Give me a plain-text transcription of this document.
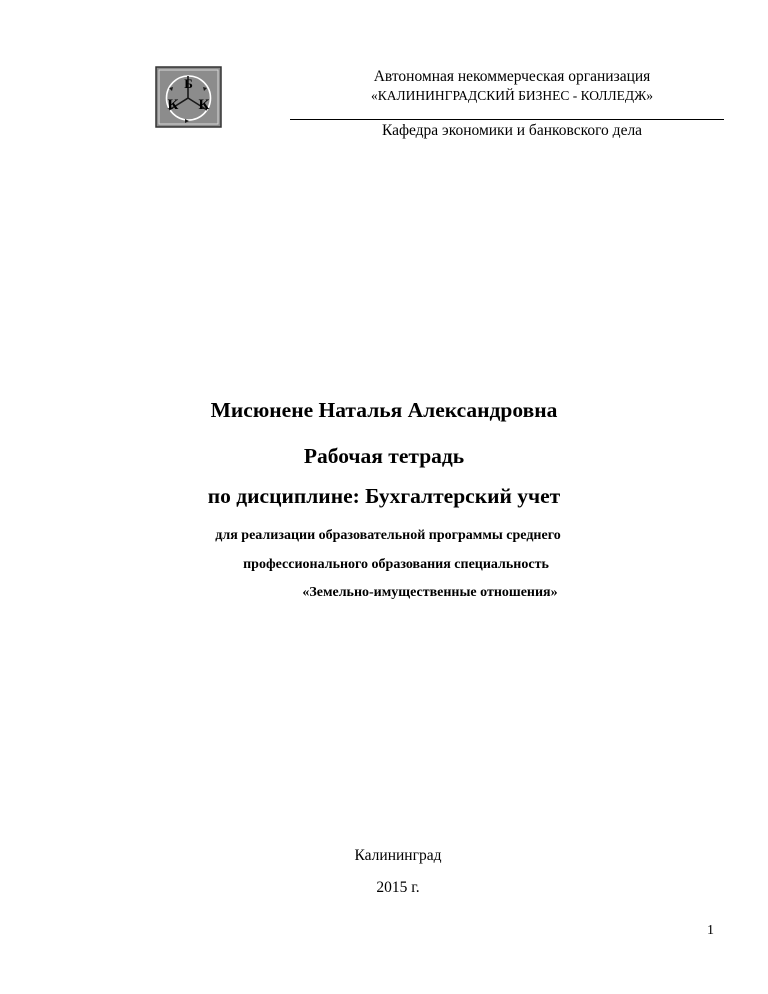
Б
К К
Автономная некоммерческая организация
«КАЛИНИНГРАДСКИЙ БИЗНЕС - КОЛЛЕДЖ»
Кафедра экономики и банковского дела
Мисюнене Наталья Александровна
Рабочая тетрадь
по дисциплине: Бухгалтерский учет
для реализации образовательной программы среднего
профессионального образования специальность
«Земельно-имущественные отношения»
Калининград
2015 г.
1
